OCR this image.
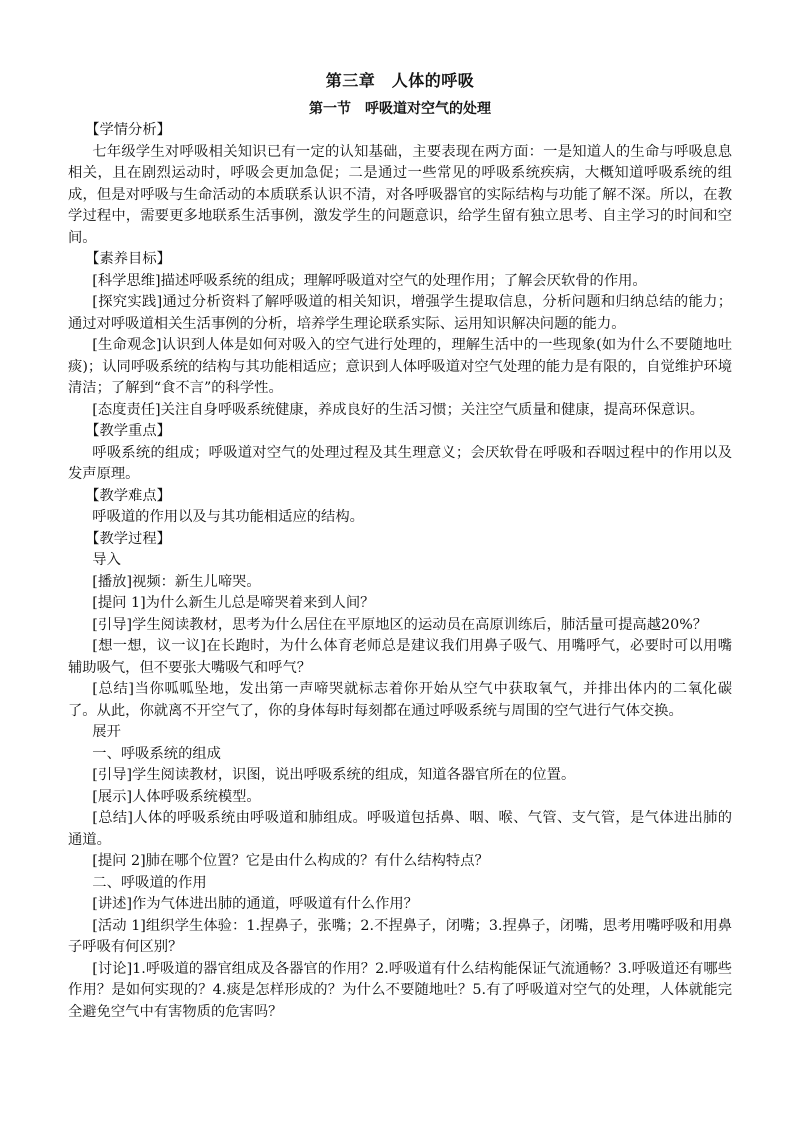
第三章　人体的呼吸
第一节　呼吸道对空气的处理

【学情分析】

七年级学生对呼吸相关知识已有一定的认知基础，主要表现在两方面：一是知道人的生命与呼吸息息相关，且在剧烈运动时，呼吸会更加急促；二是通过一些常见的呼吸系统疾病，大概知道呼吸系统的组成，但是对呼吸与生命活动的本质联系认识不清，对各呼吸器官的实际结构与功能了解不深。所以，在教学过程中，需要更多地联系生活事例，激发学生的问题意识，给学生留有独立思考、自主学习的时间和空间。

【素养目标】

[科学思维]描述呼吸系统的组成；理解呼吸道对空气的处理作用；了解会厌软骨的作用。

[探究实践]通过分析资料了解呼吸道的相关知识，增强学生提取信息，分析问题和归纳总结的能力；通过对呼吸道相关生活事例的分析，培养学生理论联系实际、运用知识解决问题的能力。

[生命观念]认识到人体是如何对吸入的空气进行处理的，理解生活中的一些现象(如为什么不要随地吐痰)；认同呼吸系统的结构与其功能相适应；意识到人体呼吸道对空气处理的能力是有限的，自觉维护环境清洁；了解到“食不言”的科学性。

[态度责任]关注自身呼吸系统健康，养成良好的生活习惯；关注空气质量和健康，提高环保意识。

【教学重点】

呼吸系统的组成；呼吸道对空气的处理过程及其生理意义；会厌软骨在呼吸和吞咽过程中的作用以及发声原理。

【教学难点】

呼吸道的作用以及与其功能相适应的结构。

【教学过程】

导入

[播放]视频：新生儿啼哭。

[提问 1]为什么新生儿总是啼哭着来到人间？

[引导]学生阅读教材，思考为什么居住在平原地区的运动员在高原训练后，肺活量可提高越20%？

[想一想，议一议]在长跑时，为什么体育老师总是建议我们用鼻子吸气、用嘴呼气，必要时可以用嘴辅助吸气，但不要张大嘴吸气和呼气？

[总结]当你呱呱坠地，发出第一声啼哭就标志着你开始从空气中获取氧气，并排出体内的二氧化碳了。从此，你就离不开空气了，你的身体每时每刻都在通过呼吸系统与周围的空气进行气体交换。

展开

一、呼吸系统的组成

[引导]学生阅读教材，识图，说出呼吸系统的组成，知道各器官所在的位置。

[展示]人体呼吸系统模型。

[总结]人体的呼吸系统由呼吸道和肺组成。呼吸道包括鼻、咽、喉、气管、支气管，是气体进出肺的通道。

[提问 2]肺在哪个位置？它是由什么构成的？有什么结构特点？

二、呼吸道的作用

[讲述]作为气体进出肺的通道，呼吸道有什么作用？

[活动 1]组织学生体验：1.捏鼻子，张嘴；2.不捏鼻子，闭嘴；3.捏鼻子，闭嘴，思考用嘴呼吸和用鼻子呼吸有何区别？

[讨论]1.呼吸道的器官组成及各器官的作用？2.呼吸道有什么结构能保证气流通畅？3.呼吸道还有哪些作用？是如何实现的？4.痰是怎样形成的？为什么不要随地吐？5.有了呼吸道对空气的处理，人体就能完全避免空气中有害物质的危害吗？
